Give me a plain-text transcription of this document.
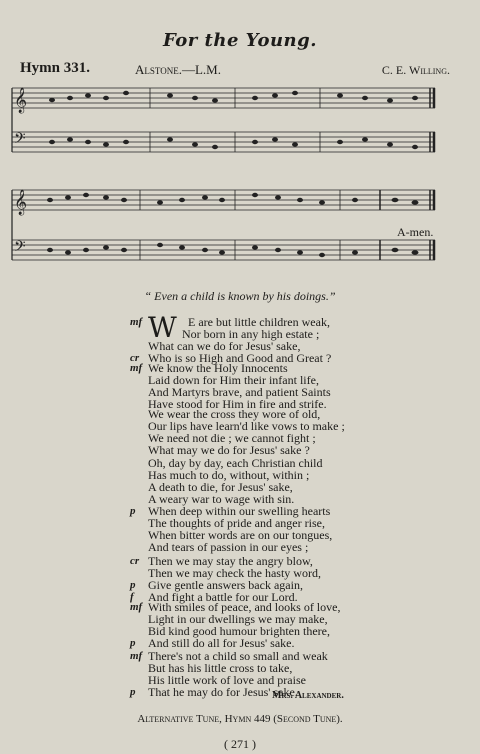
For the Young.
Hymn 331.	Alstone.—L.M.	C. E. Willing.
𝄞
𝄢
𝄞
𝄢
A-men.
“ Even a child is known by his doings.”
mf W E are but little children weak,
Nor born in any high estate ;
What can we do for Jesus' sake,
cr Who is so High and Good and Great ?
mf We know the Holy Innocents
Laid down for Him their infant life,
And Martyrs brave, and patient Saints
Have stood for Him in fire and strife.
We wear the cross they wore of old,
Our lips have learn'd like vows to make ;
We need not die ; we cannot fight ;
What may we do for Jesus' sake ?
Oh, day by day, each Christian child
Has much to do, without, within ;
A death to die, for Jesus' sake,
A weary war to wage with sin.
p	When deep within our swelling hearts
The thoughts of pride and anger rise,
When bitter words are on our tongues,
And tears of passion in our eyes ;
cr Then we may stay the angry blow,
Then we may check the hasty word,
p	Give gentle answers back again,
f	And fight a battle for our Lord.
mf With smiles of peace, and looks of love,
Light in our dwellings we may make,
Bid kind good humour brighten there,
p	And still do all for Jesus' sake.
mf There's not a child so small and weak
But has his little cross to take,
His little work of love and praise
p	That he may do for Jesus' sake.
Mrs. Alexander.
Alternative Tune, Hymn 449 (Second Tune).
( 271 )
